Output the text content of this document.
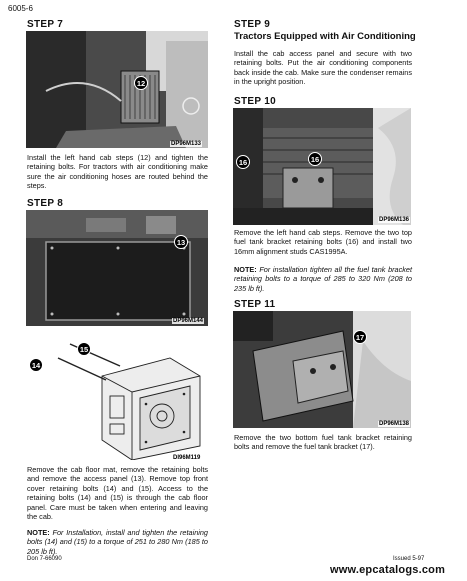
6005-6
STEP 7
12
DP96M133
Install the left hand cab steps (12) and tighten the retaining bolts. For tractors with air conditioning make sure the air conditioning hoses are routed behind the steps.
STEP 8
13
DP96M144
15
14
DI96M119
Remove the cab floor mat, remove the retaining bolts and remove the access panel (13). Remove top front cover retaining bolts (14) and (15). Access to the retaining bolts (14) and (15) is through the cab floor panel. Care must be taken when entering and leaving the cab.
NOTE: For Installation, install and tighten the retaining bolts (14) and (15) to a torque of 251 to 280 Nm (185 to 205 lb ft).
Don 7-66090
STEP 9
Tractors Equipped with Air Conditioning
Install the cab access panel and secure with two retaining bolts. Put the air conditioning components back inside the cab. Make sure the condenser remains in the upright position.
STEP 10
16	16
DP96M136
Remove the left hand cab steps. Remove the two top fuel tank bracket retaining bolts (16) and install two 16mm alignment studs CAS1995A.
NOTE: For installation tighten all the fuel tank bracket retaining bolts to a torque of 285 to 320 Nm (208 to 235 lb ft).
STEP 11
17
DP96M138
Remove the two bottom fuel tank bracket retaining bolts and remove the fuel tank bracket (17).
Issued 5-97
www.epcatalogs.com
